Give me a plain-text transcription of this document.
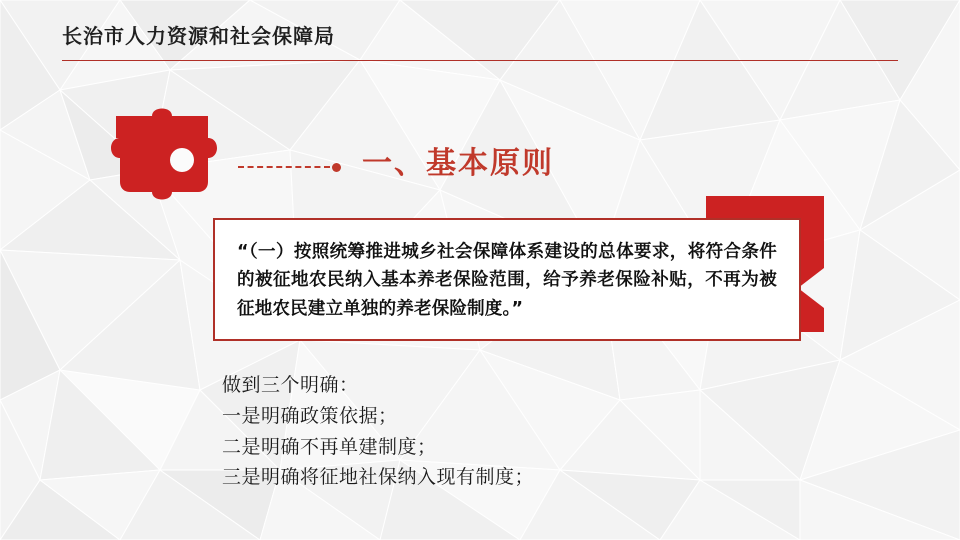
长治市人力资源和社会保障局
一、基本原则
“（一）按照统筹推进城乡社会保障体系建设的总体要求，将符合条件的被征地农民纳入基本养老保险范围，给予养老保险补贴，不再为被征地农民建立单独的养老保险制度。”
做到三个明确：
一是明确政策依据；
二是明确不再单建制度；
三是明确将征地社保纳入现有制度；
